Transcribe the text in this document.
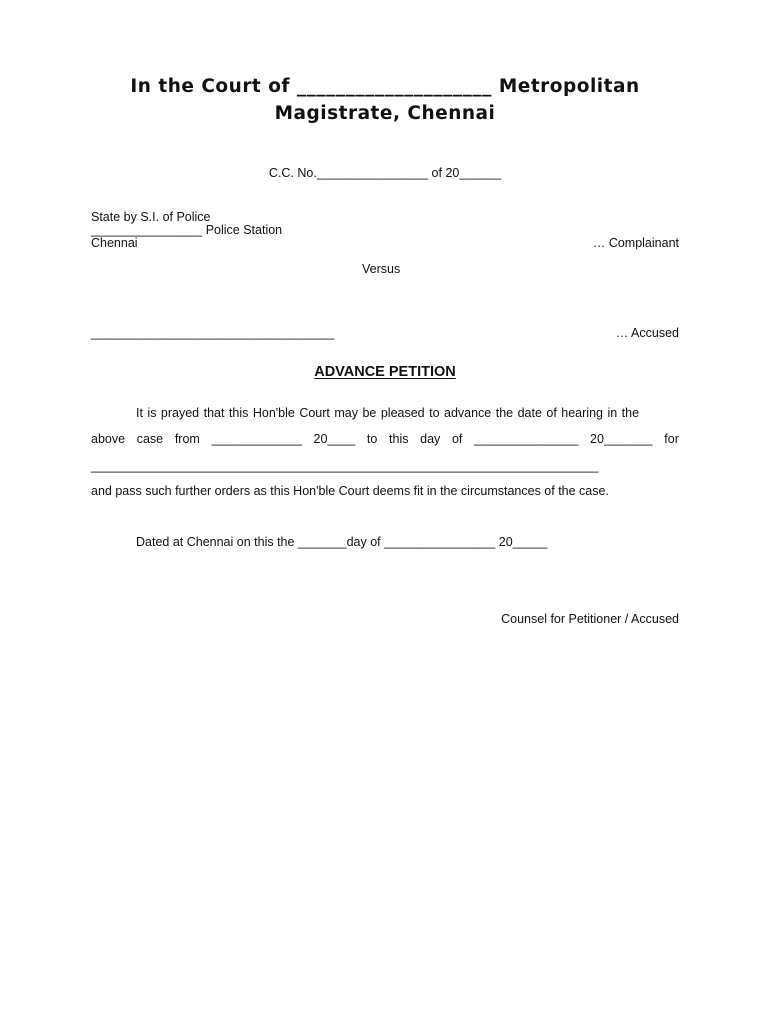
In the Court of ____________________ Metropolitan
Magistrate, Chennai
C.C. No.________________ of 20______
State by S.I. of Police
________________ Police Station
Chennai	… Complainant
Versus
___________________________________	… Accused
ADVANCE PETITION
It is prayed that this Hon'ble Court may be pleased to advance the date of hearing in the
above case from _____________ 20____ to this day of _______________ 20_______ for
_________________________________________________________________________
and pass such further orders as this Hon'ble Court deems fit in the circumstances of the case.
Dated at Chennai on this the _______day of ________________ 20_____
Counsel for Petitioner / Accused
